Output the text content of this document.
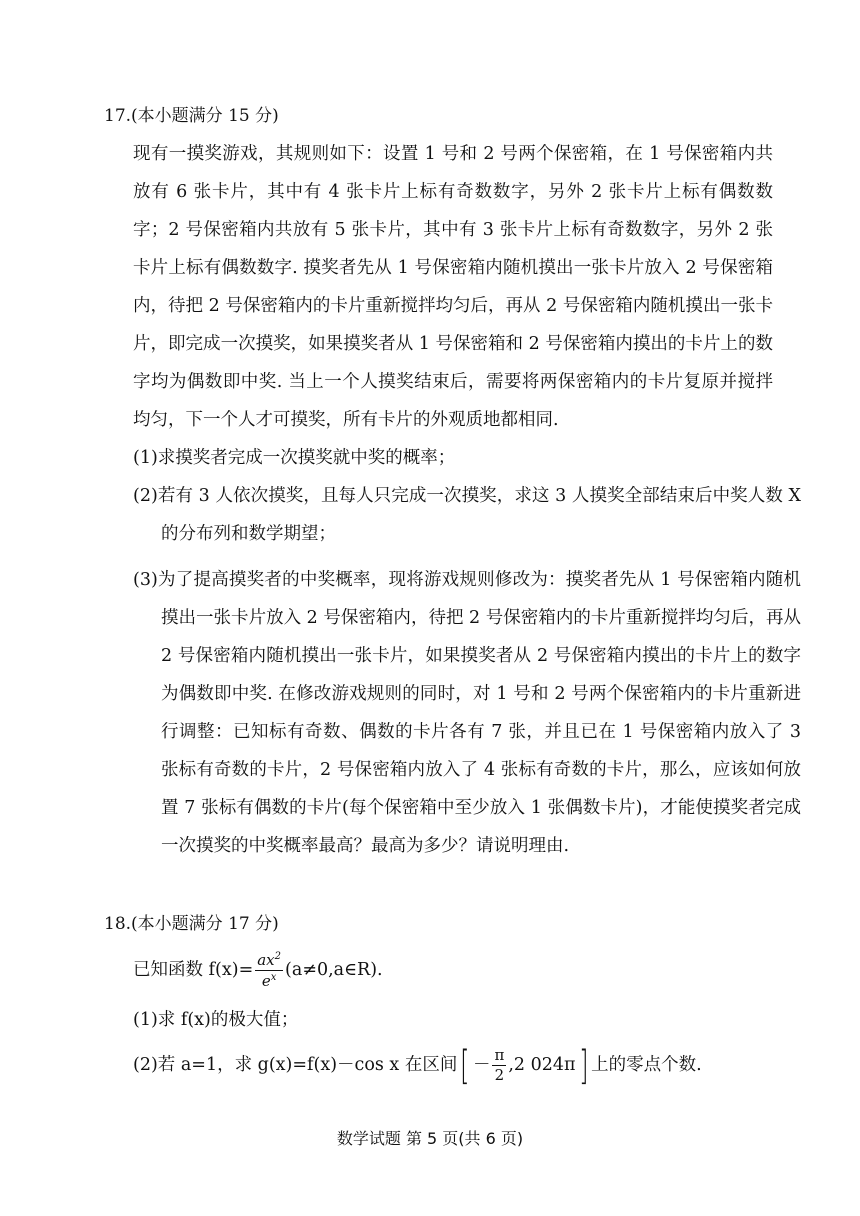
17.(本小题满分 15 分)
现有一摸奖游戏，其规则如下：设置 1 号和 2 号两个保密箱，在 1 号保密箱内共放有 6 张卡片，其中有 4 张卡片上标有奇数数字，另外 2 张卡片上标有偶数数字；2 号保密箱内共放有 5 张卡片，其中有 3 张卡片上标有奇数数字，另外 2 张卡片上标有偶数数字. 摸奖者先从 1 号保密箱内随机摸出一张卡片放入 2 号保密箱内，待把 2 号保密箱内的卡片重新搅拌均匀后，再从 2 号保密箱内随机摸出一张卡片，即完成一次摸奖，如果摸奖者从 1 号保密箱和 2 号保密箱内摸出的卡片上的数字均为偶数即中奖. 当上一个人摸奖结束后，需要将两保密箱内的卡片复原并搅拌均匀，下一个人才可摸奖，所有卡片的外观质地都相同.
(1)求摸奖者完成一次摸奖就中奖的概率；
(2)若有 3 人依次摸奖，且每人只完成一次摸奖，求这 3 人摸奖全部结束后中奖人数 X 的分布列和数学期望；
(3)为了提高摸奖者的中奖概率，现将游戏规则修改为：摸奖者先从 1 号保密箱内随机摸出一张卡片放入 2 号保密箱内，待把 2 号保密箱内的卡片重新搅拌均匀后，再从 2 号保密箱内随机摸出一张卡片，如果摸奖者从 2 号保密箱内摸出的卡片上的数字为偶数即中奖. 在修改游戏规则的同时，对 1 号和 2 号两个保密箱内的卡片重新进行调整：已知标有奇数、偶数的卡片各有 7 张，并且已在 1 号保密箱内放入了 3 张标有奇数的卡片，2 号保密箱内放入了 4 张标有奇数的卡片，那么，应该如何放置 7 张标有偶数的卡片(每个保密箱中至少放入 1 张偶数卡片)，才能使摸奖者完成一次摸奖的中奖概率最高？最高为多少？请说明理由.
18.(本小题满分 17 分)
已知函数 $f(x)= \frac{ax^2}{e^x}$ (a≠0,a∈R).
(1)求 f(x)的极大值；
(2)若 a=1，求 g(x)=f(x)－cos x 在区间[ － $\frac{\pi}{2} ,2$ 024π] 上的零点个数.
数学试题 第 5 页(共 6 页)
